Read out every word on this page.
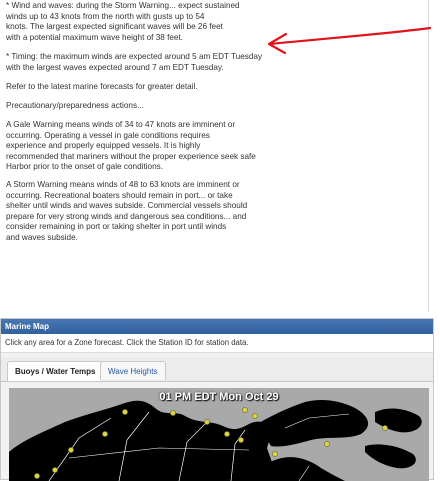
* Wind and waves: during the Storm Warning... expect sustained
winds up to 43 knots from the north with gusts up to 54
knots. The largest expected significant waves will be 26 feet
with a potential maximum wave height of 38 feet.

* Timing: the maximum winds are expected around 5 am EDT Tuesday
with the largest waves expected around 7 am EDT Tuesday.

Refer to the latest marine forecasts for greater detail.

Precautionary/preparedness actions...

A Gale Warning means winds of 34 to 47 knots are imminent or
occurring. Operating a vessel in gale conditions requires
experience and properly equipped vessels. It is highly
recommended that mariners without the proper experience seek safe
Harbor prior to the onset of gale conditions.

A Storm Warning means winds of 48 to 63 knots are imminent or
occurring. Recreational boaters should remain in port... or take
shelter until winds and waves subside. Commercial vessels should
prepare for very strong winds and dangerous sea conditions... and
consider remaining in port or taking shelter in port until winds
and waves subside.

Marine Map
Click any area for a Zone forecast. Click the Station ID for station data.
Buoys / Water Temps	Wave Heights
01 PM EDT Mon Oct 29
